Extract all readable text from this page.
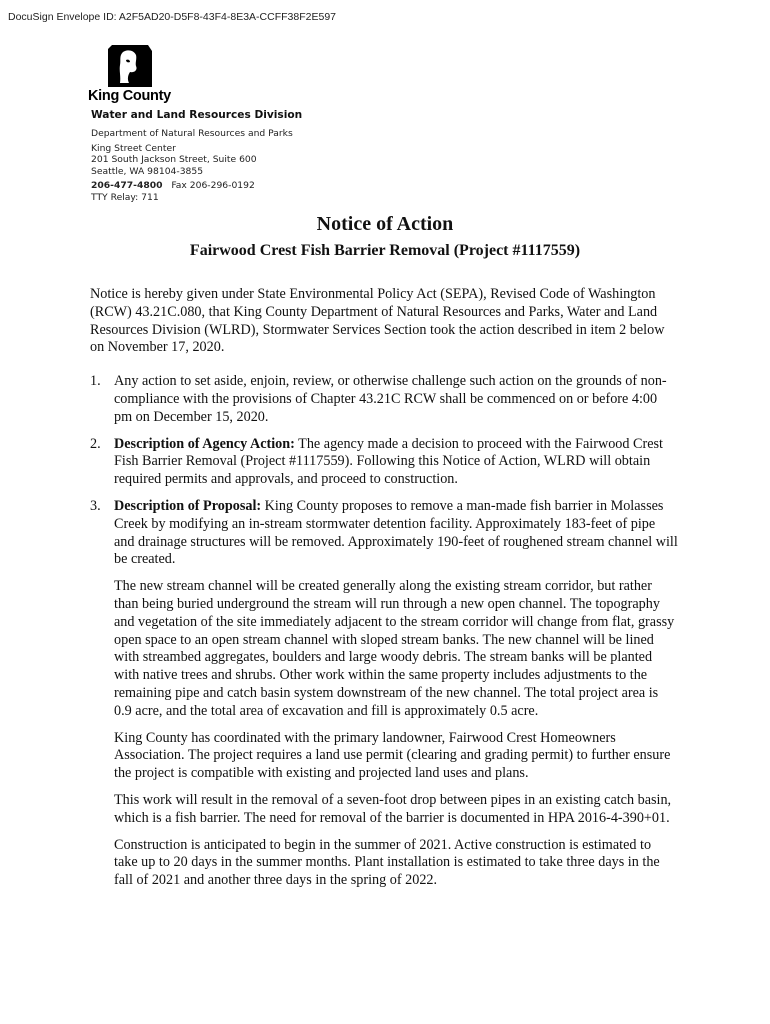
DocuSign Envelope ID: A2F5AD20-D5F8-43F4-8E3A-CCFF38F2E597
King County
Water and Land Resources Division
Department of Natural Resources and Parks
King Street Center
201 South Jackson Street, Suite 600
Seattle, WA 98104-3855
206-477-4800 Fax 206-296-0192
TTY Relay: 711
Notice of Action
Fairwood Crest Fish Barrier Removal (Project #1117559)

Notice is hereby given under State Environmental Policy Act (SEPA), Revised Code of Washington (RCW) 43.21C.080, that King County Department of Natural Resources and Parks, Water and Land Resources Division (WLRD), Stormwater Services Section took the action described in item 2 below on November 17, 2020.

1. Any action to set aside, enjoin, review, or otherwise challenge such action on the grounds of non-compliance with the provisions of Chapter 43.21C RCW shall be commenced on or before 4:00 pm on December 15, 2020.

2. Description of Agency Action: The agency made a decision to proceed with the Fairwood Crest Fish Barrier Removal (Project #1117559). Following this Notice of Action, WLRD will obtain required permits and approvals, and proceed to construction.

3. Description of Proposal: King County proposes to remove a man-made fish barrier in Molasses Creek by modifying an in-stream stormwater detention facility. Approximately 183-feet of pipe and drainage structures will be removed. Approximately 190-feet of roughened stream channel will be created.

The new stream channel will be created generally along the existing stream corridor, but rather than being buried underground the stream will run through a new open channel. The topography and vegetation of the site immediately adjacent to the stream corridor will change from flat, grassy open space to an open stream channel with sloped stream banks. The new channel will be lined with streambed aggregates, boulders and large woody debris. The stream banks will be planted with native trees and shrubs. Other work within the same property includes adjustments to the remaining pipe and catch basin system downstream of the new channel. The total project area is 0.9 acre, and the total area of excavation and fill is approximately 0.5 acre.

King County has coordinated with the primary landowner, Fairwood Crest Homeowners Association. The project requires a land use permit (clearing and grading permit) to further ensure the project is compatible with existing and projected land uses and plans.

This work will result in the removal of a seven-foot drop between pipes in an existing catch basin, which is a fish barrier. The need for removal of the barrier is documented in HPA 2016-4-390+01.

Construction is anticipated to begin in the summer of 2021. Active construction is estimated to take up to 20 days in the summer months. Plant installation is estimated to take three days in the fall of 2021 and another three days in the spring of 2022.
